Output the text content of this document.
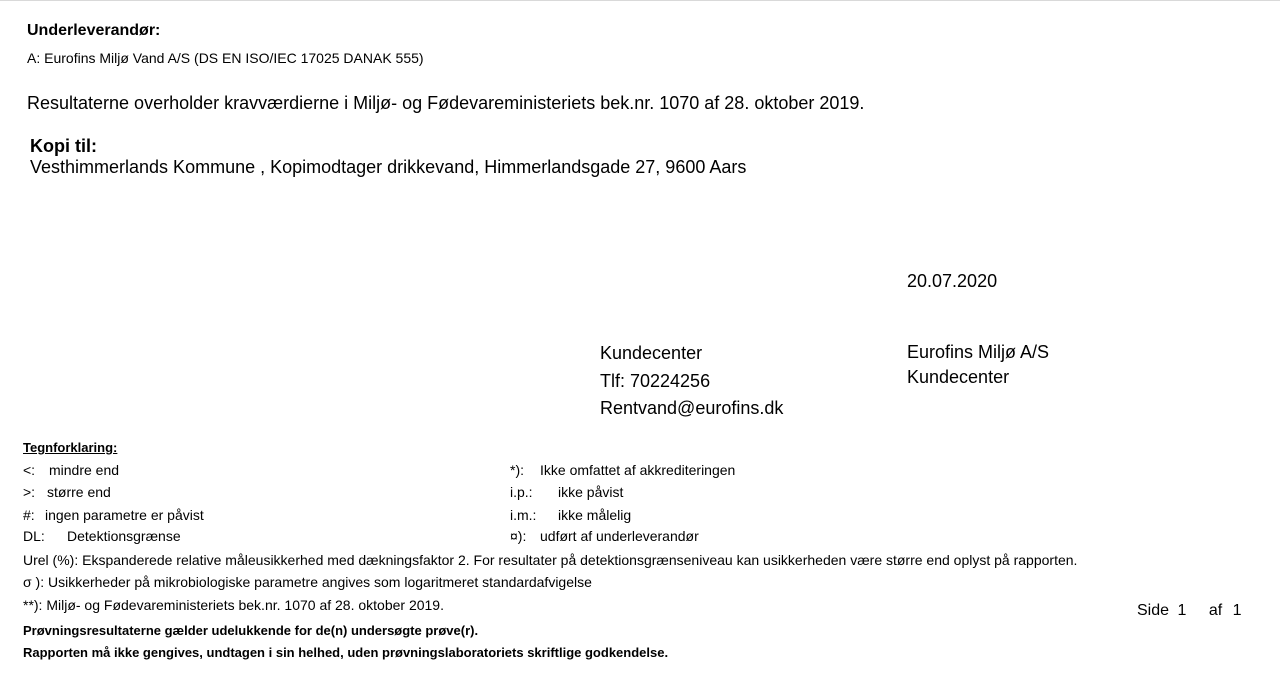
Underleverandør:
A: Eurofins Miljø Vand A/S (DS EN ISO/IEC 17025 DANAK 555)
Resultaterne overholder kravværdierne i Miljø- og Fødevareministeriets bek.nr. 1070 af 28. oktober 2019.
Kopi til:
Vesthimmerlands Kommune , Kopimodtager drikkevand, Himmerlandsgade 27, 9600 Aars
20.07.2020
Kundecenter
Tlf: 70224256
Rentvand@eurofins.dk
Eurofins Miljø A/S
Kundecenter
Tegnforklaring:
<: mindre end
>: større end
#: ingen parametre er påvist
DL: Detektionsgrænse
*): Ikke omfattet af akkrediteringen
i.p.: ikke påvist
i.m.: ikke målelig
¤): udført af underleverandør
Urel (%): Ekspanderede relative måleusikkerhed med dækningsfaktor 2. For resultater på detektionsgrænseniveau kan usikkerheden være større end oplyst på rapporten.
σ ): Usikkerheder på mikrobiologiske parametre angives som logaritmeret standardafvigelse
**): Miljø- og Fødevareministeriets bek.nr. 1070 af 28. oktober 2019.	Side 1 af 1
Prøvningsresultaterne gælder udelukkende for de(n) undersøgte prøve(r).
Rapporten må ikke gengives, undtagen i sin helhed, uden prøvningslaboratoriets skriftlige godkendelse.
